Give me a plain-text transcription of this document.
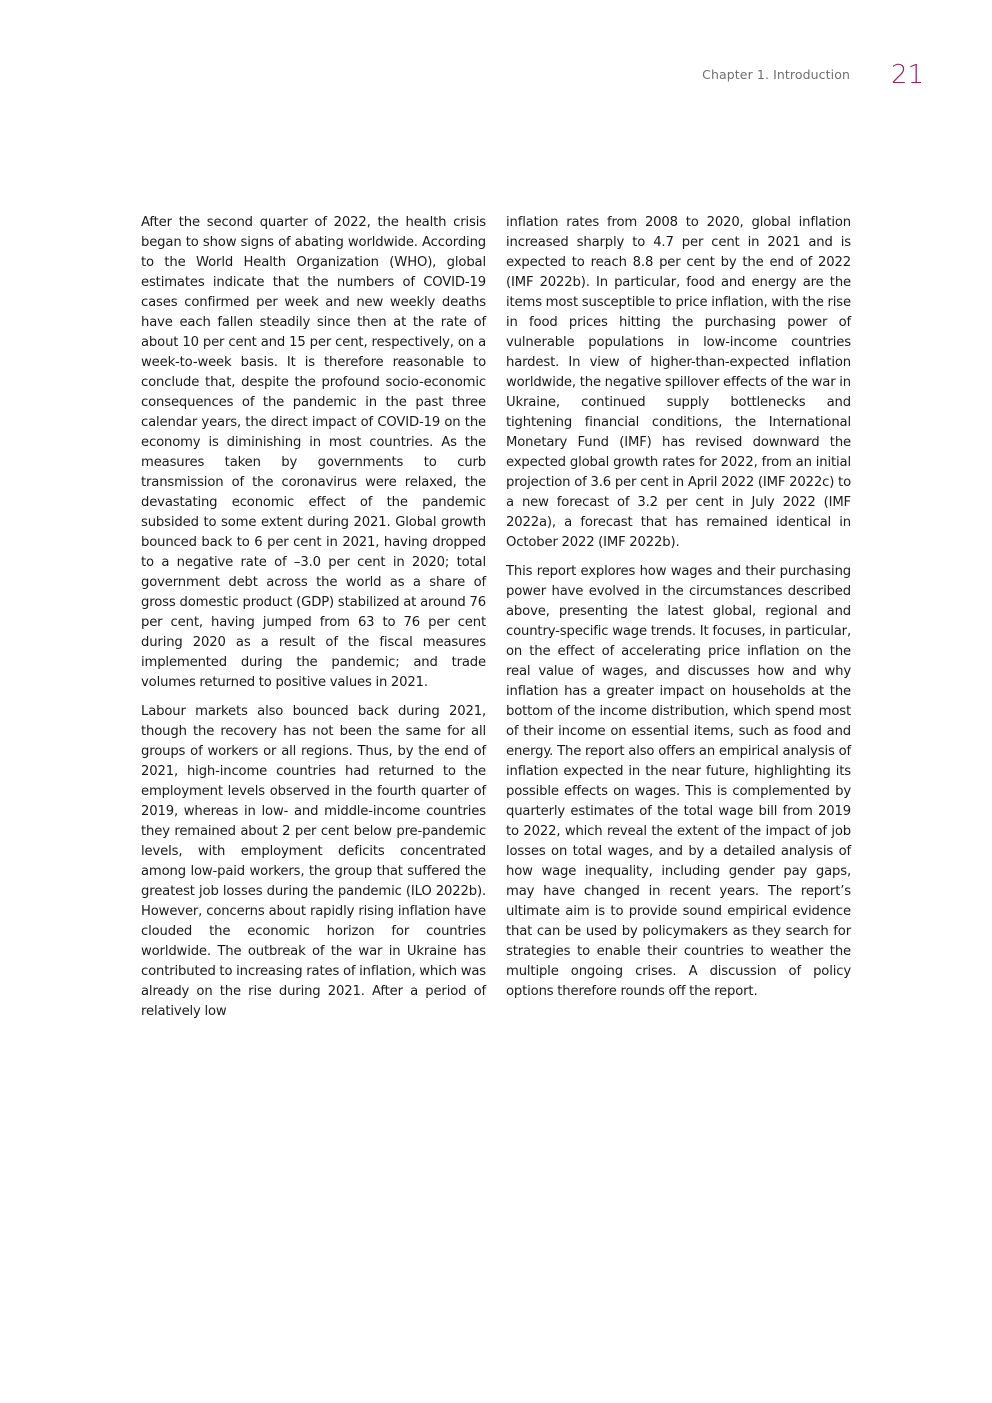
Chapter 1. Introduction 21

After the second quarter of 2022, the health crisis began to show signs of abating worldwide. According to the World Health Organization (WHO), global estimates indicate that the numbers of COVID-19 cases confirmed per week and new weekly deaths have each fallen steadily since then at the rate of about 10 per cent and 15 per cent, respectively, on a week-to-week basis. It is therefore reasonable to conclude that, despite the profound socio-economic consequences of the pandemic in the past three calendar years, the direct impact of COVID-19 on the economy is diminishing in most countries. As the measures taken by governments to curb transmission of the coronavirus were relaxed, the devastating economic effect of the pandemic subsided to some extent during 2021. Global growth bounced back to 6 per cent in 2021, having dropped to a negative rate of –3.0 per cent in 2020; total government debt across the world as a share of gross domestic product (GDP) stabilized at around 76 per cent, having jumped from 63 to 76 per cent during 2020 as a result of the fiscal measures implemented during the pandemic; and trade volumes returned to positive values in 2021.

Labour markets also bounced back during 2021, though the recovery has not been the same for all groups of workers or all regions. Thus, by the end of 2021, high-income countries had returned to the employment levels observed in the fourth quarter of 2019, whereas in low- and middle-income countries they remained about 2 per cent below pre-pandemic levels, with employment deficits concentrated among low-paid workers, the group that suffered the greatest job losses during the pandemic (ILO 2022b). However, concerns about rapidly rising inflation have clouded the economic horizon for countries worldwide. The outbreak of the war in Ukraine has contributed to increasing rates of inflation, which was already on the rise during 2021. After a period of relatively low

inflation rates from 2008 to 2020, global inflation increased sharply to 4.7 per cent in 2021 and is expected to reach 8.8 per cent by the end of 2022 (IMF 2022b). In particular, food and energy are the items most susceptible to price inflation, with the rise in food prices hitting the purchasing power of vulnerable populations in low-income countries hardest. In view of higher-than-expected inflation worldwide, the negative spillover effects of the war in Ukraine, continued supply bottlenecks and tightening financial conditions, the International Monetary Fund (IMF) has revised downward the expected global growth rates for 2022, from an initial projection of 3.6 per cent in April 2022 (IMF 2022c) to a new forecast of 3.2 per cent in July 2022 (IMF 2022a), a forecast that has remained identical in October 2022 (IMF 2022b).

This report explores how wages and their purchasing power have evolved in the circumstances described above, presenting the latest global, regional and country-specific wage trends. It focuses, in particular, on the effect of accelerating price inflation on the real value of wages, and discusses how and why inflation has a greater impact on households at the bottom of the income distribution, which spend most of their income on essential items, such as food and energy. The report also offers an empirical analysis of inflation expected in the near future, highlighting its possible effects on wages. This is complemented by quarterly estimates of the total wage bill from 2019 to 2022, which reveal the extent of the impact of job losses on total wages, and by a detailed analysis of how wage inequality, including gender pay gaps, may have changed in recent years. The report’s ultimate aim is to provide sound empirical evidence that can be used by policymakers as they search for strategies to enable their countries to weather the multiple ongoing crises. A discussion of policy options therefore rounds off the report.
